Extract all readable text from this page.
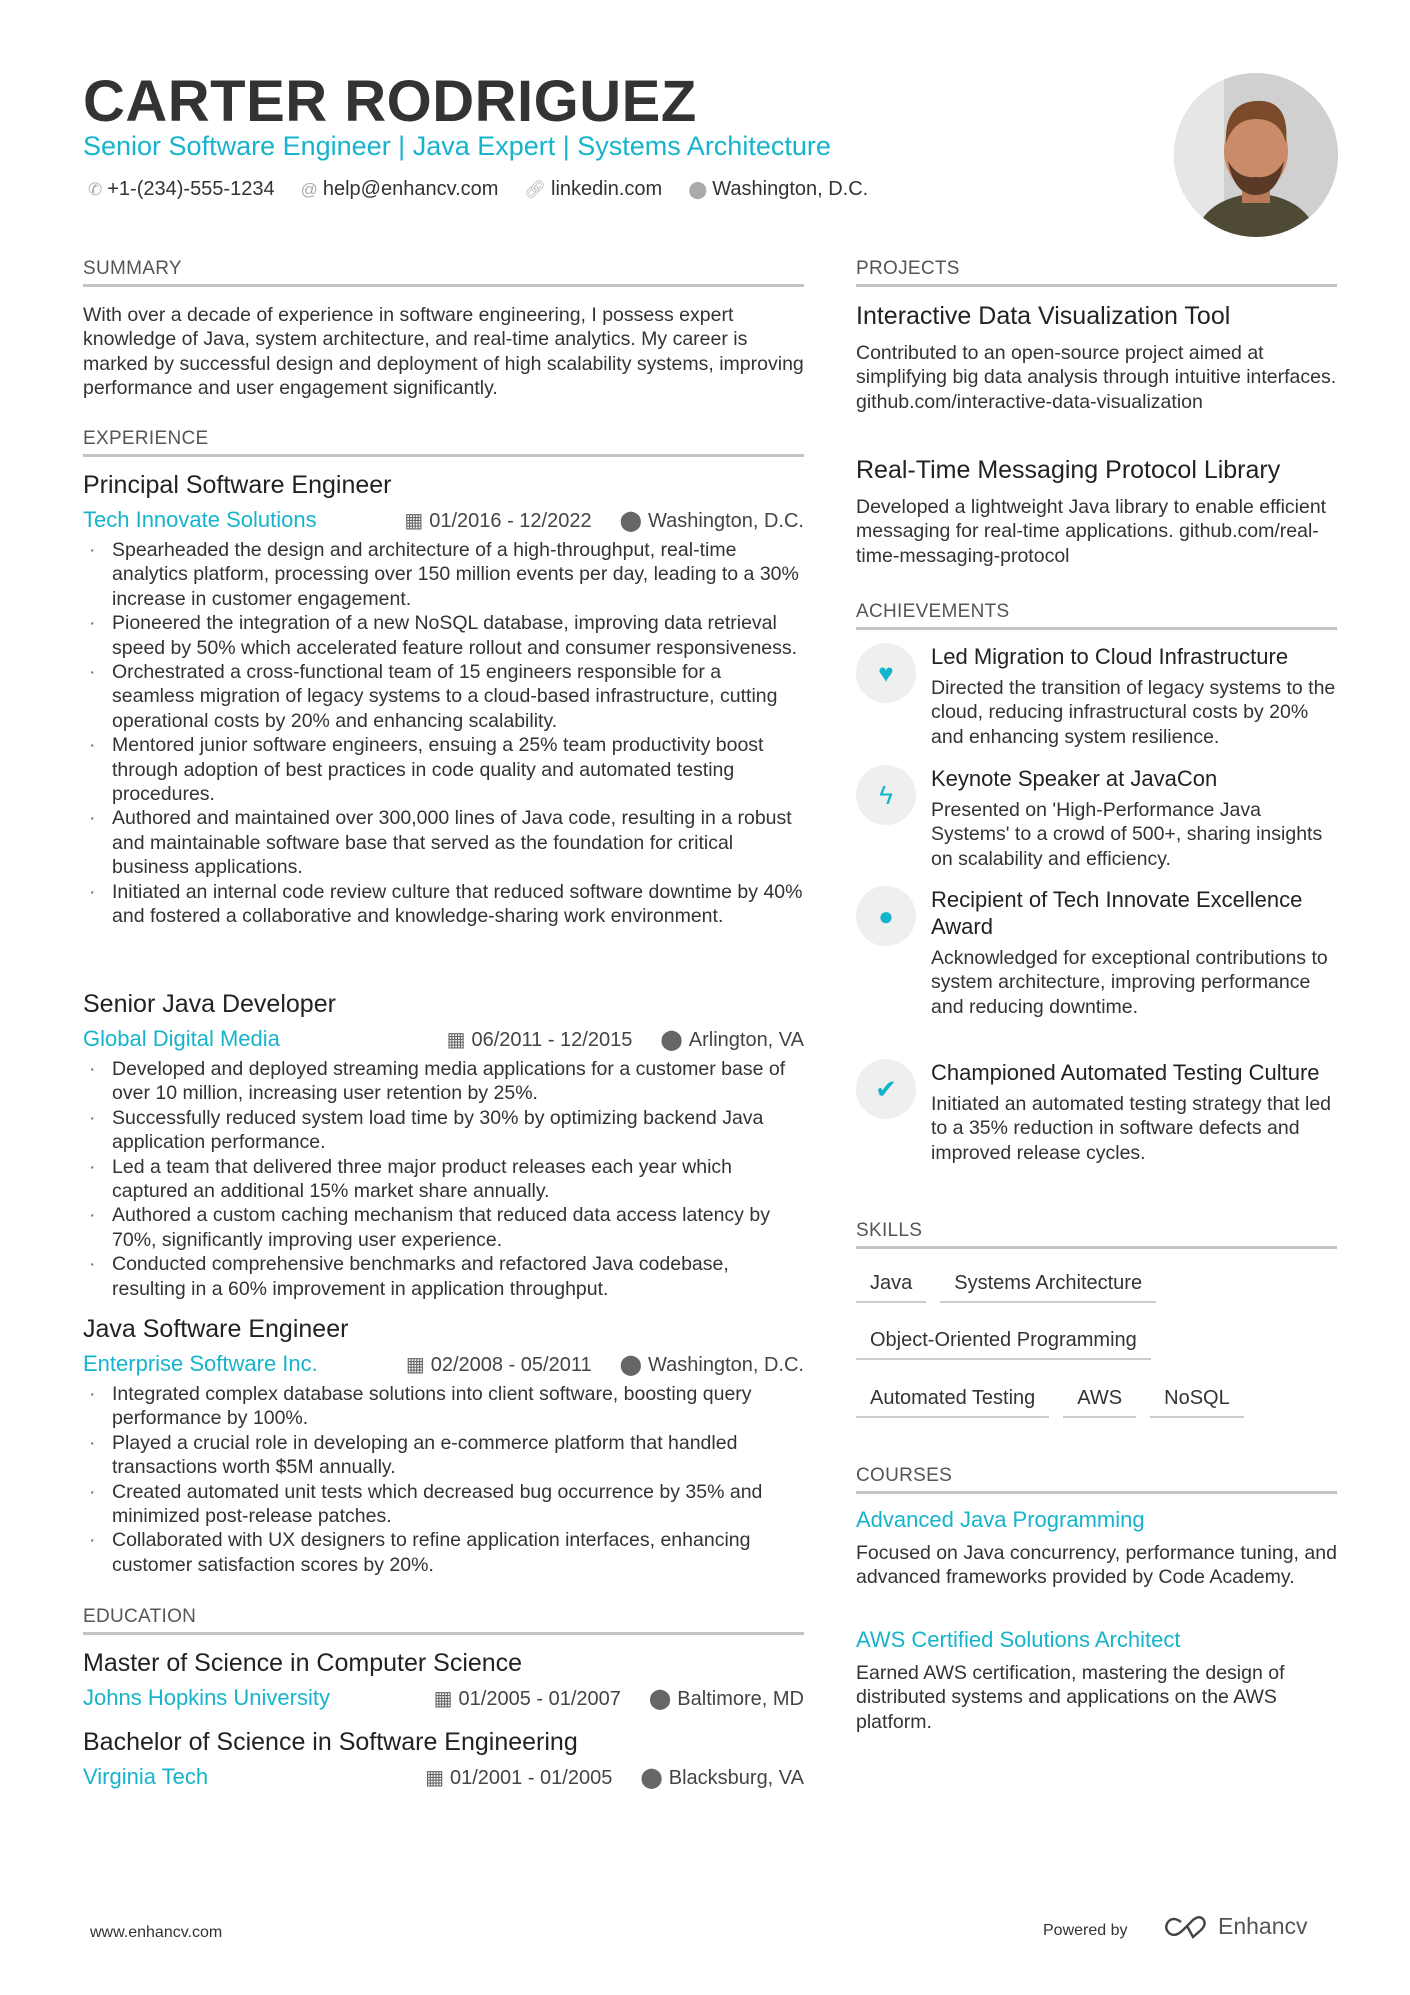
CARTER RODRIGUEZ
Senior Software Engineer | Java Expert | Systems Architecture
✆ +1-(234)-555-1234 @ help@enhancv.com 🔗︎ linkedin.com ⬤ Washington, D.C.
SUMMARY
With over a decade of experience in software engineering, I possess expert knowledge of Java, system architecture, and real-time analytics. My career is marked by successful design and deployment of high scalability systems, improving performance and user engagement significantly.
EXPERIENCE
Principal Software Engineer
Tech Innovate Solutions	▦ 01/2016 - 12/2022 ⬤ Washington, D.C.
· Spearheaded the design and architecture of a high-throughput, real-time analytics platform, processing over 150 million events per day, leading to a 30% increase in customer engagement.
· Pioneered the integration of a new NoSQL database, improving data retrieval speed by 50% which accelerated feature rollout and consumer responsiveness.
· Orchestrated a cross-functional team of 15 engineers responsible for a seamless migration of legacy systems to a cloud-based infrastructure, cutting operational costs by 20% and enhancing scalability.
· Mentored junior software engineers, ensuing a 25% team productivity boost through adoption of best practices in code quality and automated testing procedures.
· Authored and maintained over 300,000 lines of Java code, resulting in a robust and maintainable software base that served as the foundation for critical business applications.
· Initiated an internal code review culture that reduced software downtime by 40% and fostered a collaborative and knowledge-sharing work environment.
Senior Java Developer
Global Digital Media	▦ 06/2011 - 12/2015 ⬤ Arlington, VA
· Developed and deployed streaming media applications for a customer base of over 10 million, increasing user retention by 25%.
· Successfully reduced system load time by 30% by optimizing backend Java application performance.
· Led a team that delivered three major product releases each year which captured an additional 15% market share annually.
· Authored a custom caching mechanism that reduced data access latency by 70%, significantly improving user experience.
· Conducted comprehensive benchmarks and refactored Java codebase, resulting in a 60% improvement in application throughput.
Java Software Engineer
Enterprise Software Inc.	▦ 02/2008 - 05/2011 ⬤ Washington, D.C.
· Integrated complex database solutions into client software, boosting query performance by 100%.
· Played a crucial role in developing an e-commerce platform that handled transactions worth $5M annually.
· Created automated unit tests which decreased bug occurrence by 35% and minimized post-release patches.
· Collaborated with UX designers to refine application interfaces, enhancing customer satisfaction scores by 20%.
EDUCATION
Master of Science in Computer Science
Johns Hopkins University	▦ 01/2005 - 01/2007 ⬤ Baltimore, MD
Bachelor of Science in Software Engineering
Virginia Tech	▦ 01/2001 - 01/2005 ⬤ Blacksburg, VA
PROJECTS
Interactive Data Visualization Tool
Contributed to an open-source project aimed at simplifying big data analysis through intuitive interfaces. github.com/interactive-data-visualization
Real-Time Messaging Protocol Library
Developed a lightweight Java library to enable efficient messaging for real-time applications. github.com/real-time-messaging-protocol
ACHIEVEMENTS
♥
Led Migration to Cloud Infrastructure
Directed the transition of legacy systems to the cloud, reducing infrastructural costs by 20% and enhancing system resilience.
ϟ
Keynote Speaker at JavaCon
Presented on 'High-Performance Java Systems' to a crowd of 500+, sharing insights on scalability and efficiency.
●
Recipient of Tech Innovate Excellence Award
Acknowledged for exceptional contributions to system architecture, improving performance and reducing downtime.
✔
Championed Automated Testing Culture
Initiated an automated testing strategy that led to a 35% reduction in software defects and improved release cycles.
SKILLS
Java	Systems Architecture
Object-Oriented Programming
Automated Testing	AWS	NoSQL
COURSES
Advanced Java Programming
Focused on Java concurrency, performance tuning, and advanced frameworks provided by Code Academy.
AWS Certified Solutions Architect
Earned AWS certification, mastering the design of distributed systems and applications on the AWS platform.
www.enhancv.com	Powered by	Enhancv
